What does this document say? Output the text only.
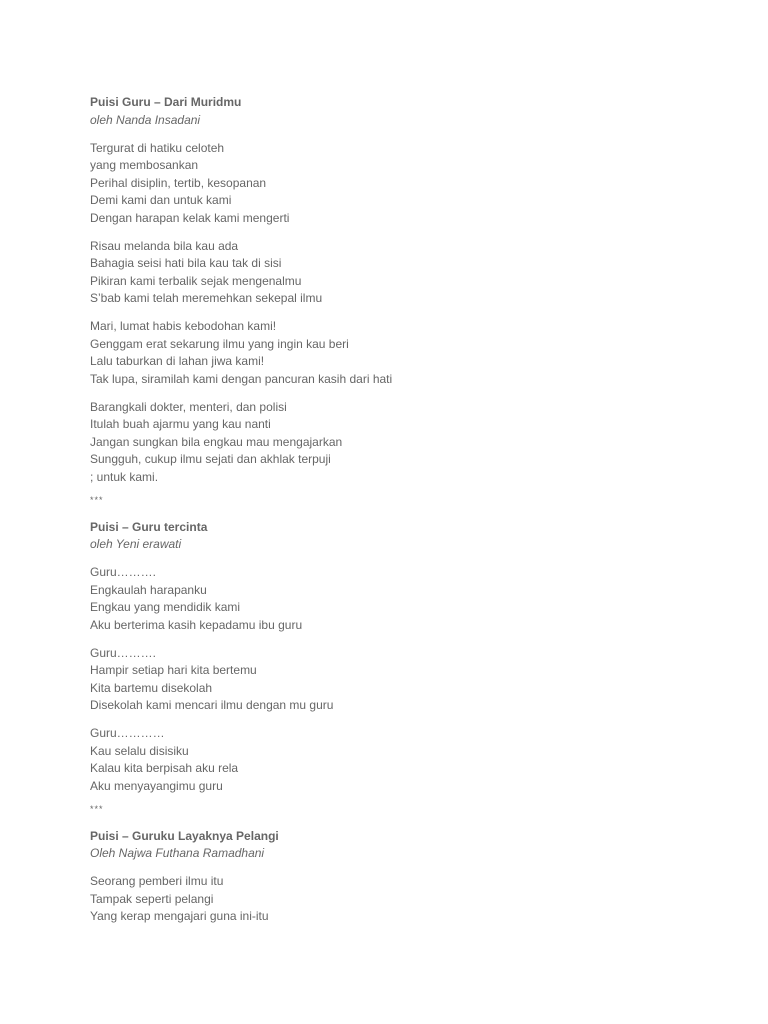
Puisi Guru – Dari Muridmu

oleh Nanda Insadani

Tergurat di hatiku celoteh
yang membosankan
Perihal disiplin, tertib, kesopanan
Demi kami dan untuk kami
Dengan harapan kelak kami mengerti
Risau melanda bila kau ada
Bahagia seisi hati bila kau tak di sisi
Pikiran kami terbalik sejak mengenalmu
S’bab kami telah meremehkan sekepal ilmu
Mari, lumat habis kebodohan kami!
Genggam erat sekarung ilmu yang ingin kau beri
Lalu taburkan di lahan jiwa kami!
Tak lupa, siramilah kami dengan pancuran kasih dari hati
Barangkali dokter, menteri, dan polisi
Itulah buah ajarmu yang kau nanti
Jangan sungkan bila engkau mau mengajarkan
Sungguh, cukup ilmu sejati dan akhlak terpuji
; untuk kami.
***

Puisi – Guru tercinta

oleh Yeni erawati

Guru……….
Engkaulah harapanku
Engkau yang mendidik kami
Aku berterima kasih kepadamu ibu guru
Guru……….
Hampir setiap hari kita bertemu
Kita bartemu disekolah
Disekolah kami mencari ilmu dengan mu guru
Guru…………
Kau selalu disisiku
Kalau kita berpisah aku rela
Aku menyayangimu guru
***

Puisi – Guruku Layaknya Pelangi

Oleh Najwa Futhana Ramadhani

Seorang pemberi ilmu itu
Tampak seperti pelangi
Yang kerap mengajari guna ini-itu
